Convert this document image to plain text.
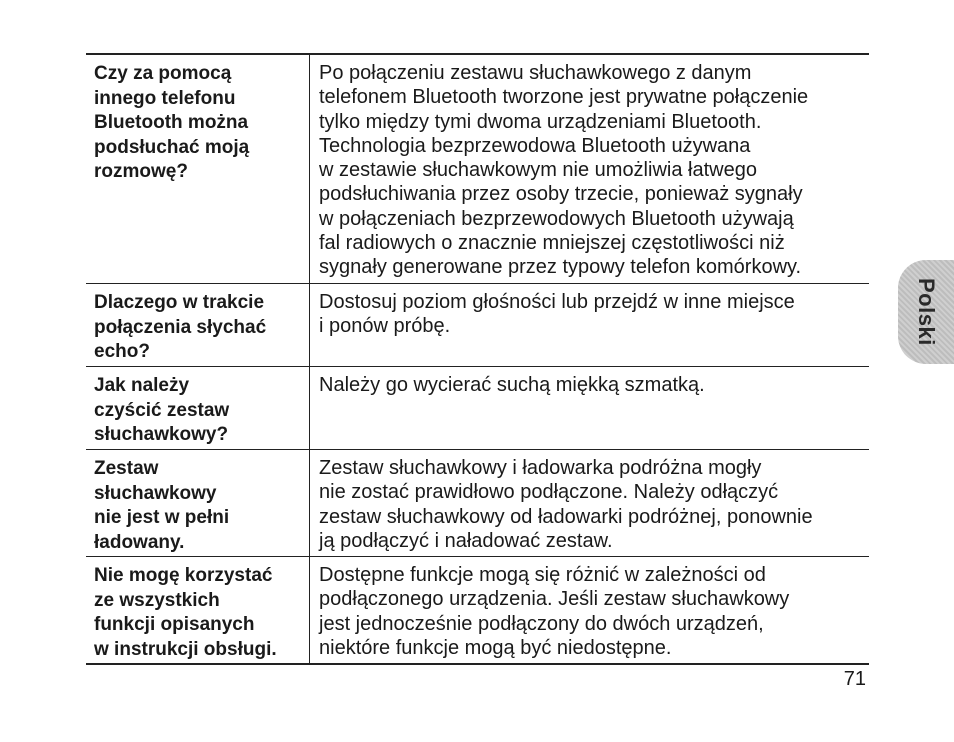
Czy za pomocą
innego telefonu
Bluetooth można
podsłuchać moją
rozmowę?
Po połączeniu zestawu słuchawkowego z danym
telefonem Bluetooth tworzone jest prywatne połączenie
tylko między tymi dwoma urządzeniami Bluetooth.
Technologia bezprzewodowa Bluetooth używana
w zestawie słuchawkowym nie umożliwia łatwego
podsłuchiwania przez osoby trzecie, ponieważ sygnały
w połączeniach bezprzewodowych Bluetooth używają
fal radiowych o znacznie mniejszej częstotliwości niż
sygnały generowane przez typowy telefon komórkowy.
Dlaczego w trakcie
połączenia słychać
echo?
Dostosuj poziom głośności lub przejdź w inne miejsce
i ponów próbę.
Jak należy
czyścić zestaw
słuchawkowy?
Należy go wycierać suchą miękką szmatką.
Zestaw
słuchawkowy
nie jest w pełni
ładowany.
Zestaw słuchawkowy i ładowarka podróżna mogły
nie zostać prawidłowo podłączone. Należy odłączyć
zestaw słuchawkowy od ładowarki podróżnej, ponownie
ją podłączyć i naładować zestaw.
Nie mogę korzystać
ze wszystkich
funkcji opisanych
w instrukcji obsługi.
Dostępne funkcje mogą się różnić w zależności od
podłączonego urządzenia. Jeśli zestaw słuchawkowy
jest jednocześnie podłączony do dwóch urządzeń,
niektóre funkcje mogą być niedostępne.
Polski
71
